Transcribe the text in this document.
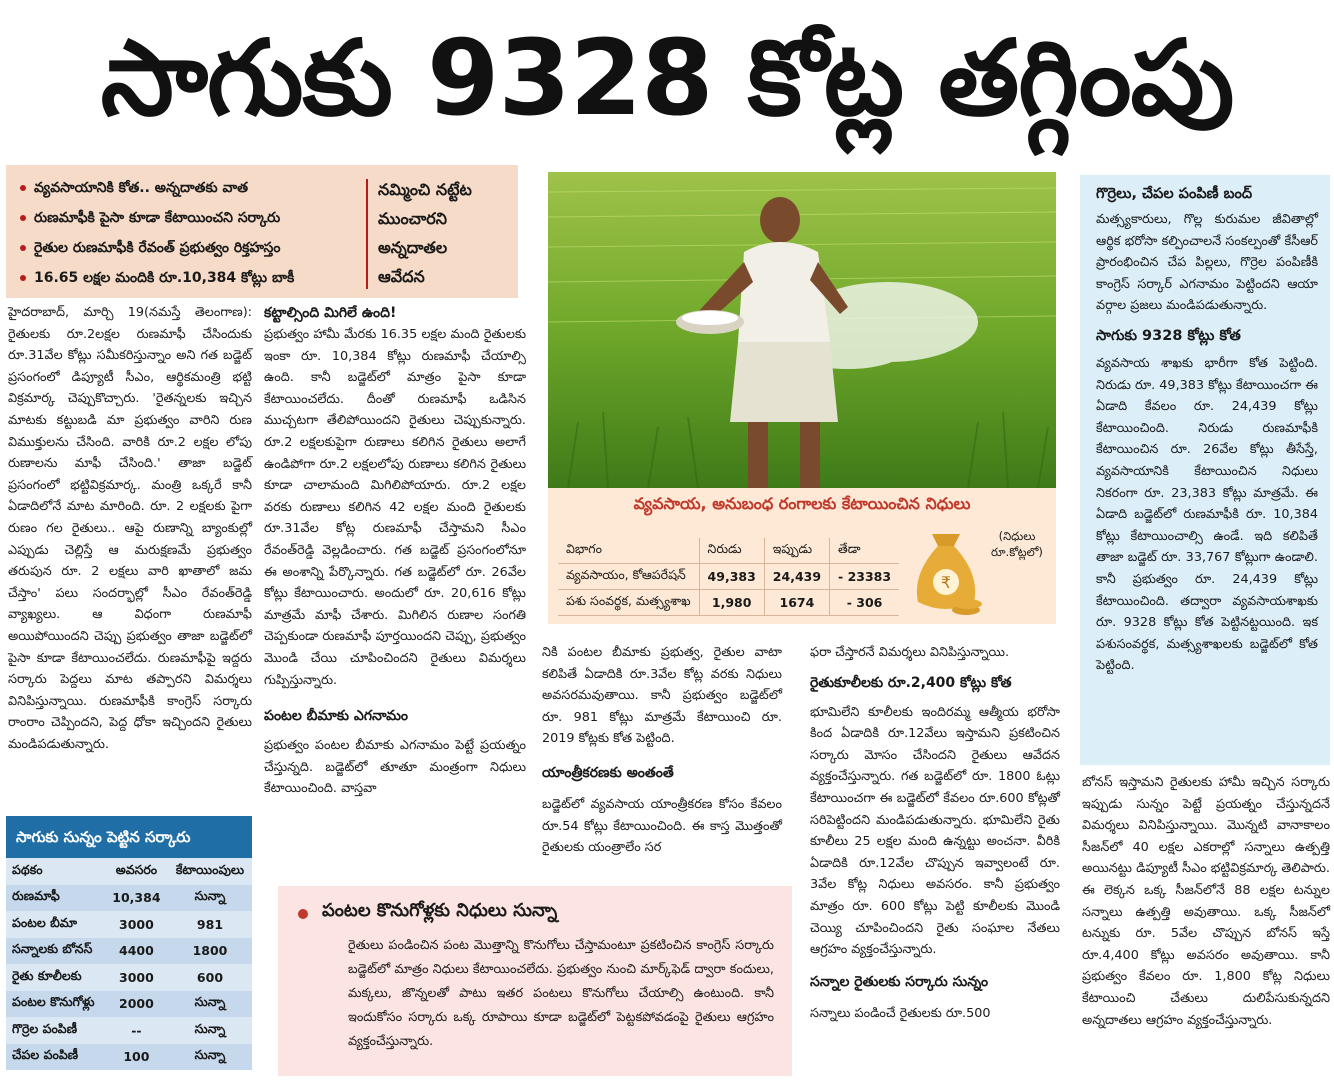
సాగుకు 9328 కోట్ల తగ్గింపు
వ్యవసాయానికి కోత.. అన్నదాతకు వాత
రుణమాఫీకి పైసా కూడా కేటాయించని సర్కారు
రైతుల రుణమాఫీకి రేవంత్ ప్రభుత్వం రిక్తహస్తం
16.65 లక్షల మందికి రూ.10,384 కోట్లు బాకీ
నమ్మించి నట్టేట
ముంచారని
అన్నదాతల
ఆవేదన

హైదరాబాద్, మార్చి 19(నమస్తే తెలంగాణ): రైతులకు రూ.2లక్షల రుణమాఫీ చేసిందుకు రూ.31వేల కోట్లు సమీకరిస్తున్నాం అని గత బడ్జెట్ ప్రసంగంలో డిప్యూటీ సీఎం, ఆర్థికమంత్రి భట్టి విక్రమార్క చెప్పుకొచ్చారు. 'రైతన్నలకు ఇచ్చిన మాటకు కట్టుబడి మా ప్రభుత్వం వారిని రుణ విముక్తులను చేసింది. వారికి రూ.2 లక్షల లోపు రుణాలను మాఫీ చేసింది.' తాజా బడ్జెట్ ప్రసంగంలో భట్టివిక్రమార్క. మంత్రి ఒక్కరే కానీ ఏడాదిలోనే మాట మారింది. రూ. 2 లక్షలకు పైగా రుణం గల రైతులు.. ఆపై రుణాన్ని బ్యాంకుల్లో ఎప్పుడు చెల్లిస్తే ఆ మరుక్షణమే ప్రభుత్వం తరుపున రూ. 2 లక్షలు వారి ఖాతాలో జమ చేస్తాం' పలు సందర్భాల్లో సీఎం రేవంత్‌రెడ్డి వ్యాఖ్యలు. ఆ విధంగా రుణమాఫీ అయిపోయిందని చెప్పు ప్రభుత్వం తాజా బడ్జెట్‌లో పైసా కూడా కేటాయించలేదు. రుణమాఫీపై ఇద్దరు సర్కారు పెద్దలు మాట తప్పారని విమర్శలు వినిపిస్తున్నాయి. రుణమాఫీకి కాంగ్రెస్ సర్కారు రాంరాం చెప్పిందని, పెద్ద ధోకా ఇచ్చిందని రైతులు మండిపడుతున్నారు.

కట్టాల్సింది మిగిలే ఉంది!

ప్రభుత్వం హామీ మేరకు 16.35 లక్షల మంది రైతులకు ఇంకా రూ. 10,384 కోట్లు రుణమాఫీ చేయాల్సి ఉంది. కానీ బడ్జెట్‌లో మాత్రం పైసా కూడా కేటాయించలేదు. దీంతో రుణమాఫీ ఒడిసిన ముచ్చటగా తేలిపోయిందని రైతులు చెప్పుకున్నారు. రూ.2 లక్షలకుపైగా రుణాలు కలిగిన రైతులు అలాగే ఉండిపోగా రూ.2 లక్షలలోపు రుణాలు కలిగిన రైతులు కూడా చాలామంది మిగిలిపోయారు. రూ.2 లక్షల వరకు రుణాలు కలిగిన 42 లక్షల మంది రైతులకు రూ.31వేల కోట్ల రుణమాఫీ చేస్తామని సీఎం రేవంత్‌రెడ్డి వెల్లడించారు. గత బడ్జెట్ ప్రసంగంలోనూ ఈ అంశాన్ని పేర్కొన్నారు. గత బడ్జెట్‌లో రూ. 26వేల కోట్లు కేటాయించారు. అందులో రూ. 20,616 కోట్లు మాత్రమే మాఫీ చేశారు. మిగిలిన రుణాల సంగతి చెప్పకుండా రుణమాఫీ పూర్తయిందని చెప్పు, ప్రభుత్వం మొండి చేయి చూపించిందని రైతులు విమర్శలు గుప్పిస్తున్నారు.

పంటల బీమాకు ఎగనామం

ప్రభుత్వం పంటల బీమాకు ఎగనామం పెట్టే ప్రయత్నం చేస్తున్నది. బడ్జెట్‌లో తూతూ మంత్రంగా నిధులు కేటాయించింది. వాస్తవా

వ్యవసాయ, అనుబంధ రంగాలకు కేటాయించిన నిధులు
విభాగం	నిరుడు	ఇప్పుడు	తేడా
వ్యవసాయం, కోఆపరేషన్	49,383	24,439	- 23383
పశు సంవర్థక, మత్స్యశాఖ	1,980	1674	- 306
₹
(నిధులు రూ.కోట్లలో)

నికి పంటల బీమాకు ప్రభుత్వ, రైతుల వాటా కలిపితే ఏడాదికి రూ.3వేల కోట్ల వరకు నిధులు అవసరమవుతాయి. కానీ ప్రభుత్వం బడ్జెట్‌లో రూ. 981 కోట్లు మాత్రమే కేటాయించి రూ. 2019 కోట్లకు కోత పెట్టింది.

యాంత్రీకరణకు అంతంతే

బడ్జెట్‌లో వ్యవసాయ యాంత్రీకరణ కోసం కేవలం రూ.54 కోట్లు కేటాయించింది. ఈ కాస్త మొత్తంతో రైతులకు యంత్రాలేం సర

ఫరా చేస్తారనే విమర్శలు వినిపిస్తున్నాయి.

రైతుకూలీలకు రూ.2,400 కోట్లు కోత

భూమిలేని కూలీలకు ఇందిరమ్మ ఆత్మీయ భరోసా కింద ఏడాదికి రూ.12వేలు ఇస్తామని ప్రకటించిన సర్కారు మోసం చేసిందని రైతులు ఆవేదన వ్యక్తంచేస్తున్నారు. గత బడ్జెట్‌లో రూ. 1800 ఓట్లు కేటాయించగా ఈ బడ్జెట్‌లో కేవలం రూ.600 కోట్లతో సరిపెట్టిందని మండిపడుతున్నారు. భూమిలేని రైతు కూలీలు 25 లక్షల మంది ఉన్నట్టు అంచనా. వీరికి ఏడాదికి రూ.12వేల చొప్పున ఇవ్వాలంటే రూ. 3వేల కోట్ల నిధులు అవసరం. కానీ ప్రభుత్వం మాత్రం రూ. 600 కోట్లు పెట్టి కూలీలకు మొండి చెయ్యి చూపించిందని రైతు సంఘాల నేతలు ఆగ్రహం వ్యక్తంచేస్తున్నారు.

సన్నాల రైతులకు సర్కారు సున్నం

సన్నాలు పండించే రైతులకు రూ.500

గొర్రెలు, చేపల పంపిణీ బంద్

మత్స్యకారులు, గొల్ల కురుమల జీవితాల్లో ఆర్థిక భరోసా కల్పించాలనే సంకల్పంతో కేసీఆర్ ప్రారంభించిన చేప పిల్లలు, గొర్రెల పంపిణీకి కాంగ్రెస్ సర్కార్ ఎగనామం పెట్టిందని ఆయా వర్గాల ప్రజలు మండిపడుతున్నారు.

సాగుకు 9328 కోట్లు కోత

వ్యవసాయ శాఖకు భారీగా కోత పెట్టింది. నిరుడు రూ. 49,383 కోట్లు కేటాయించగా ఈ ఏడాది కేవలం రూ. 24,439 కోట్లు కేటాయించింది. నిరుడు రుణమాఫీకి కేటాయించిన రూ. 26వేల కోట్లు తీసేస్తే, వ్యవసాయానికి కేటాయించిన నిధులు నికరంగా రూ. 23,383 కోట్లు మాత్రమే. ఈ ఏడాది బడ్జెట్‌లో రుణమాఫీకి రూ. 10,384 కోట్లు కేటాయించాల్సి ఉండే. ఇది కలిపితే తాజా బడ్జెట్ రూ. 33,767 కోట్లుగా ఉండాలి. కానీ ప్రభుత్వం రూ. 24,439 కోట్లు కేటాయించింది. తద్వారా వ్యవసాయశాఖకు రూ. 9328 కోట్లు కోత పెట్టినట్టయింది. ఇక పశుసంవర్థక, మత్స్యశాఖలకు బడ్జెట్‌లో కోత పెట్టింది.

బోనస్ ఇస్తామని రైతులకు హామీ ఇచ్చిన సర్కారు ఇప్పుడు సున్నం పెట్టే ప్రయత్నం చేస్తున్నదనే విమర్శలు వినిపిస్తున్నాయి. మొన్నటి వానాకాలం సీజన్‌లో 40 లక్షల ఎకరాల్లో సన్నాలు ఉత్పత్తి అయినట్టు డిప్యూటీ సీఎం భట్టివిక్రమార్క తెలిపారు. ఈ లెక్కన ఒక్క సీజన్‌లోనే 88 లక్షల టన్నుల సన్నాలు ఉత్పత్తి అవుతాయి. ఒక్క సీజన్‌లో టన్నుకు రూ. 5వేల చొప్పున బోనస్ ఇస్తే రూ.4,400 కోట్లు అవసరం అవుతాయి. కానీ ప్రభుత్వం కేవలం రూ. 1,800 కోట్ల నిధులు కేటాయించి చేతులు దులిపేసుకున్నదని అన్నదాతలు ఆగ్రహం వ్యక్తంచేస్తున్నారు.

సాగుకు సున్నం పెట్టిన సర్కారు
పథకం	అవసరం	కేటాయింపులు
రుణమాఫీ	10,384	సున్నా
పంటల బీమా	3000	981
సన్నాలకు బోనస్	4400	1800
రైతు కూలీలకు	3000	600
పంటల కొనుగోళ్లు	2000	సున్నా
గొర్రెల పంపిణీ	--	సున్నా
చేపల పంపిణీ	100	సున్నా
పంటల కొనుగోళ్లకు నిధులు సున్నా
రైతులు పండించిన పంట మొత్తాన్ని కొనుగోలు చేస్తామంటూ ప్రకటించిన కాంగ్రెస్ సర్కారు బడ్జెట్‌లో మాత్రం నిధులు కేటాయించలేదు. ప్రభుత్వం నుంచి మార్క్‌ఫెడ్ ద్వారా కందులు, మక్కలు, జొన్నలతో పాటు ఇతర పంటలు కొనుగోలు చేయాల్సి ఉంటుంది. కానీ ఇందుకోసం సర్కారు ఒక్క రూపాయి కూడా బడ్జెట్‌లో పెట్టకపోవడంపై రైతులు ఆగ్రహం వ్యక్తంచేస్తున్నారు.
